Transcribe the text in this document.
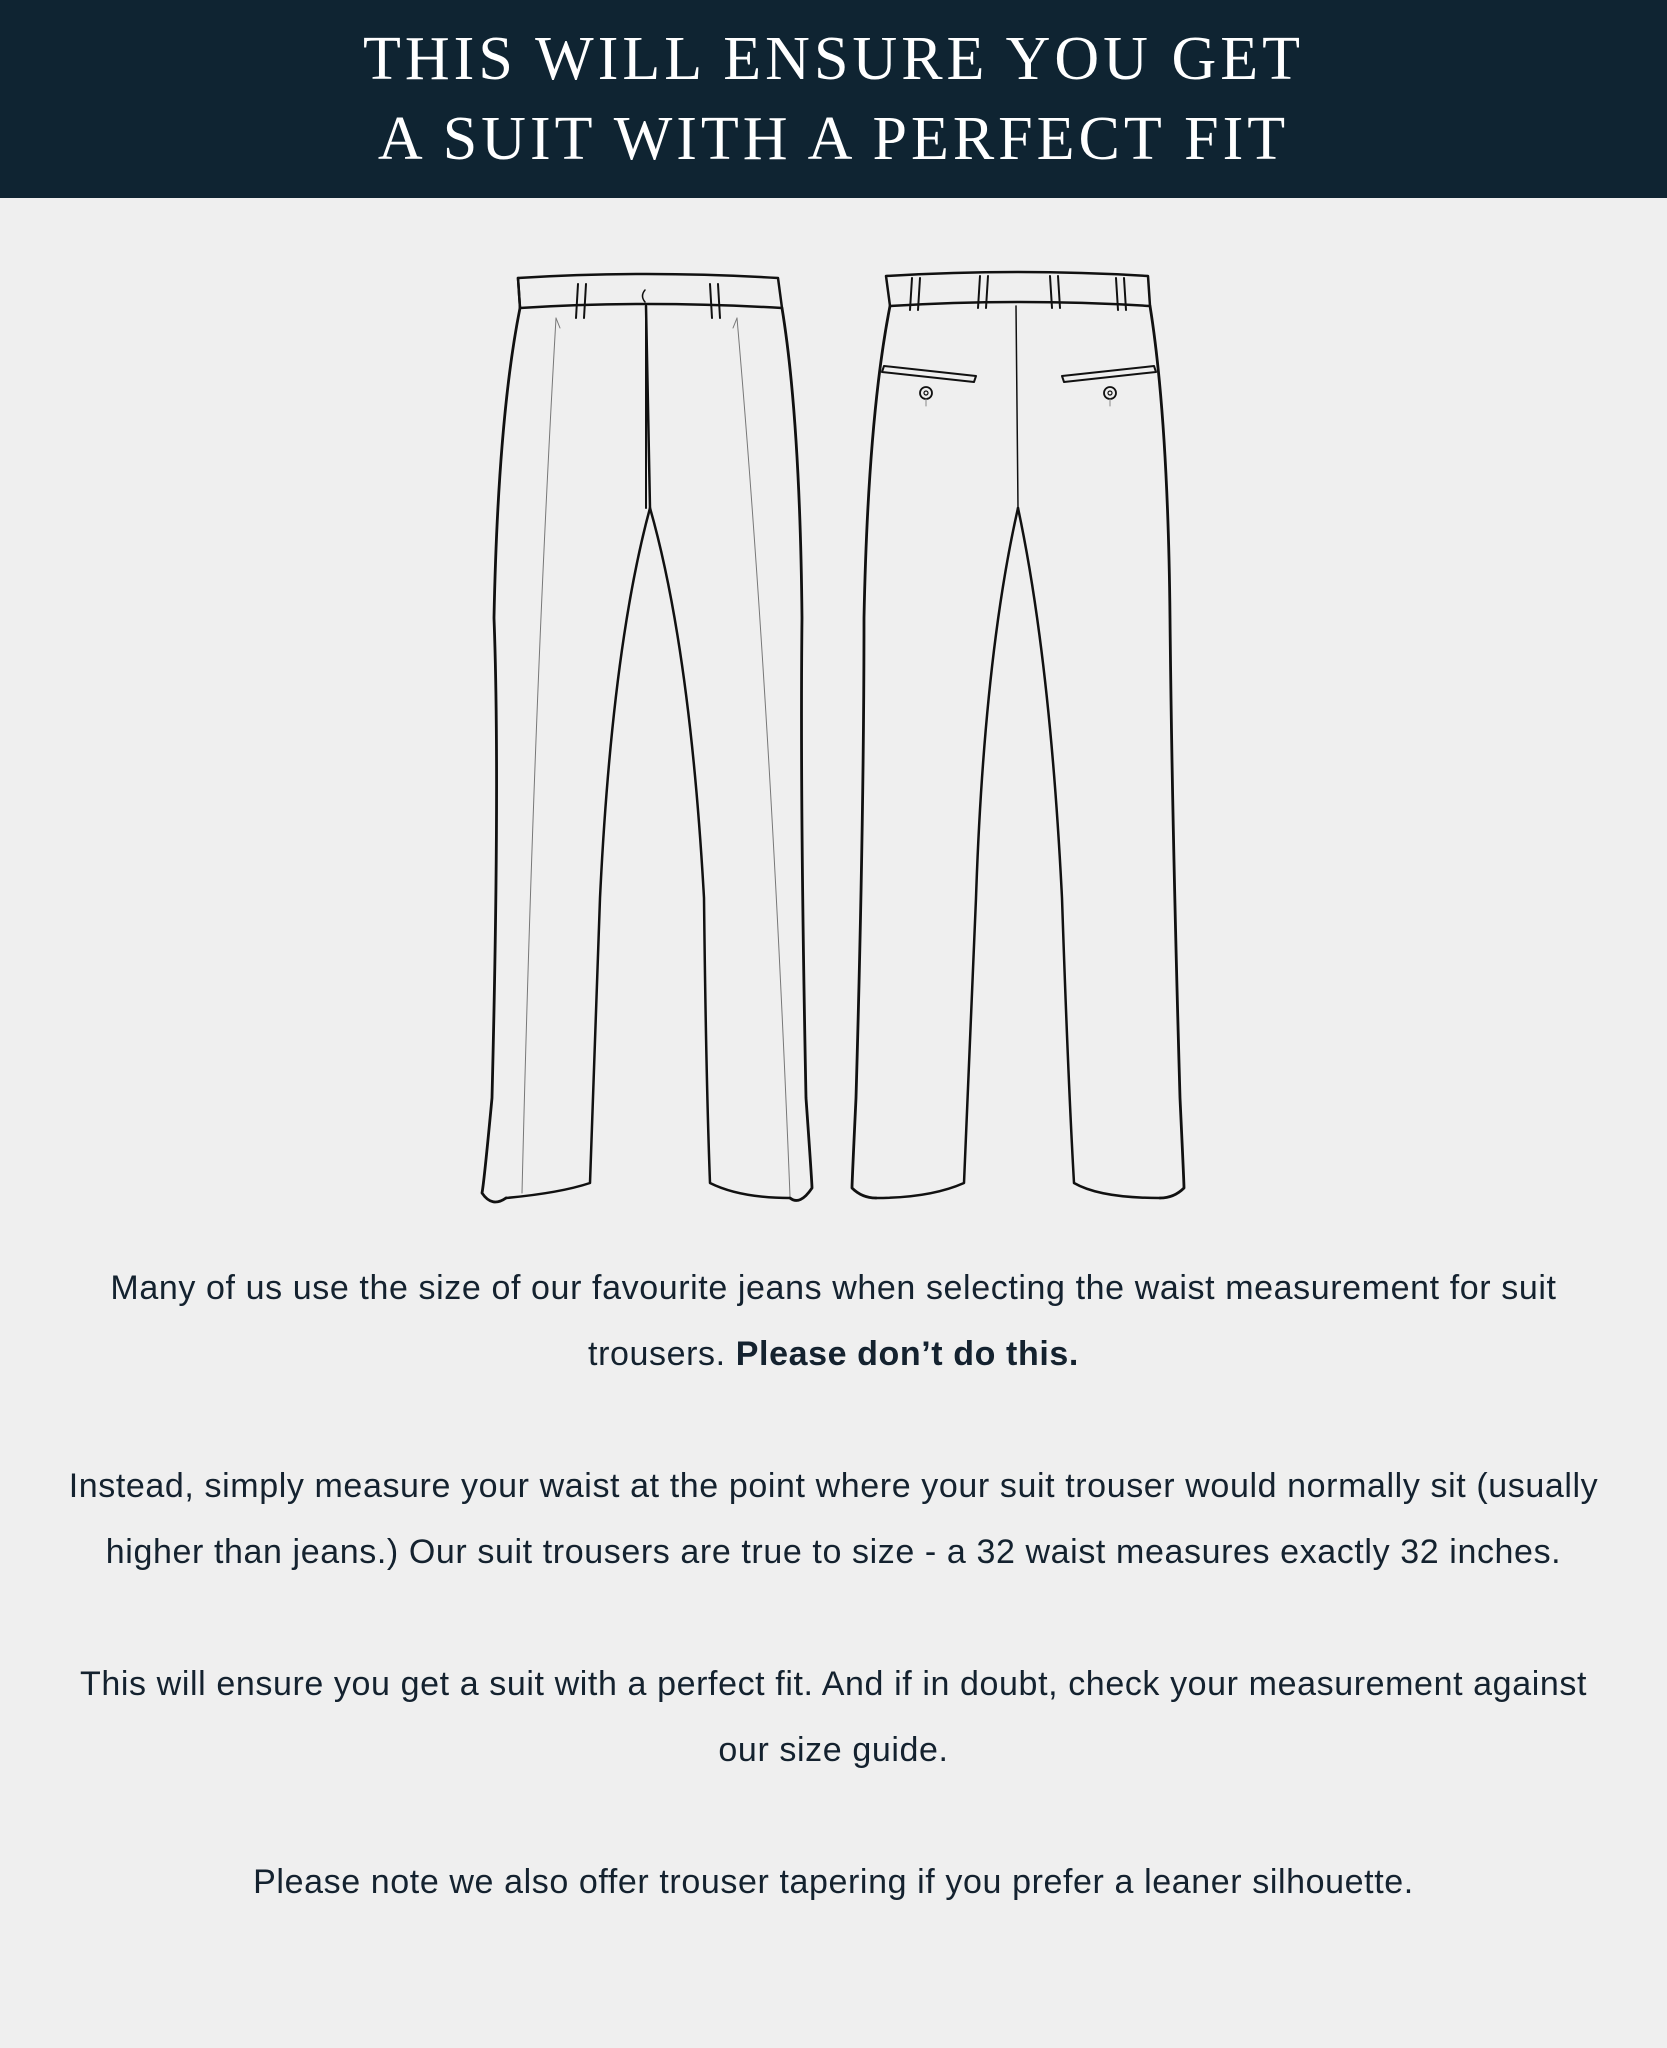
THIS WILL ENSURE YOU GET
A SUIT WITH A PERFECT FIT

Many of us use the size of our favourite jeans when selecting the waist measurement for suit trousers. Please don’t do this.

Instead, simply measure your waist at the point where your suit trouser would normally sit (usually higher than jeans.) Our suit trousers are true to size - a 32 waist measures exactly 32 inches.

This will ensure you get a suit with a perfect fit. And if in doubt, check your measurement against our size guide.

Please note we also offer trouser tapering if you prefer a leaner silhouette.
